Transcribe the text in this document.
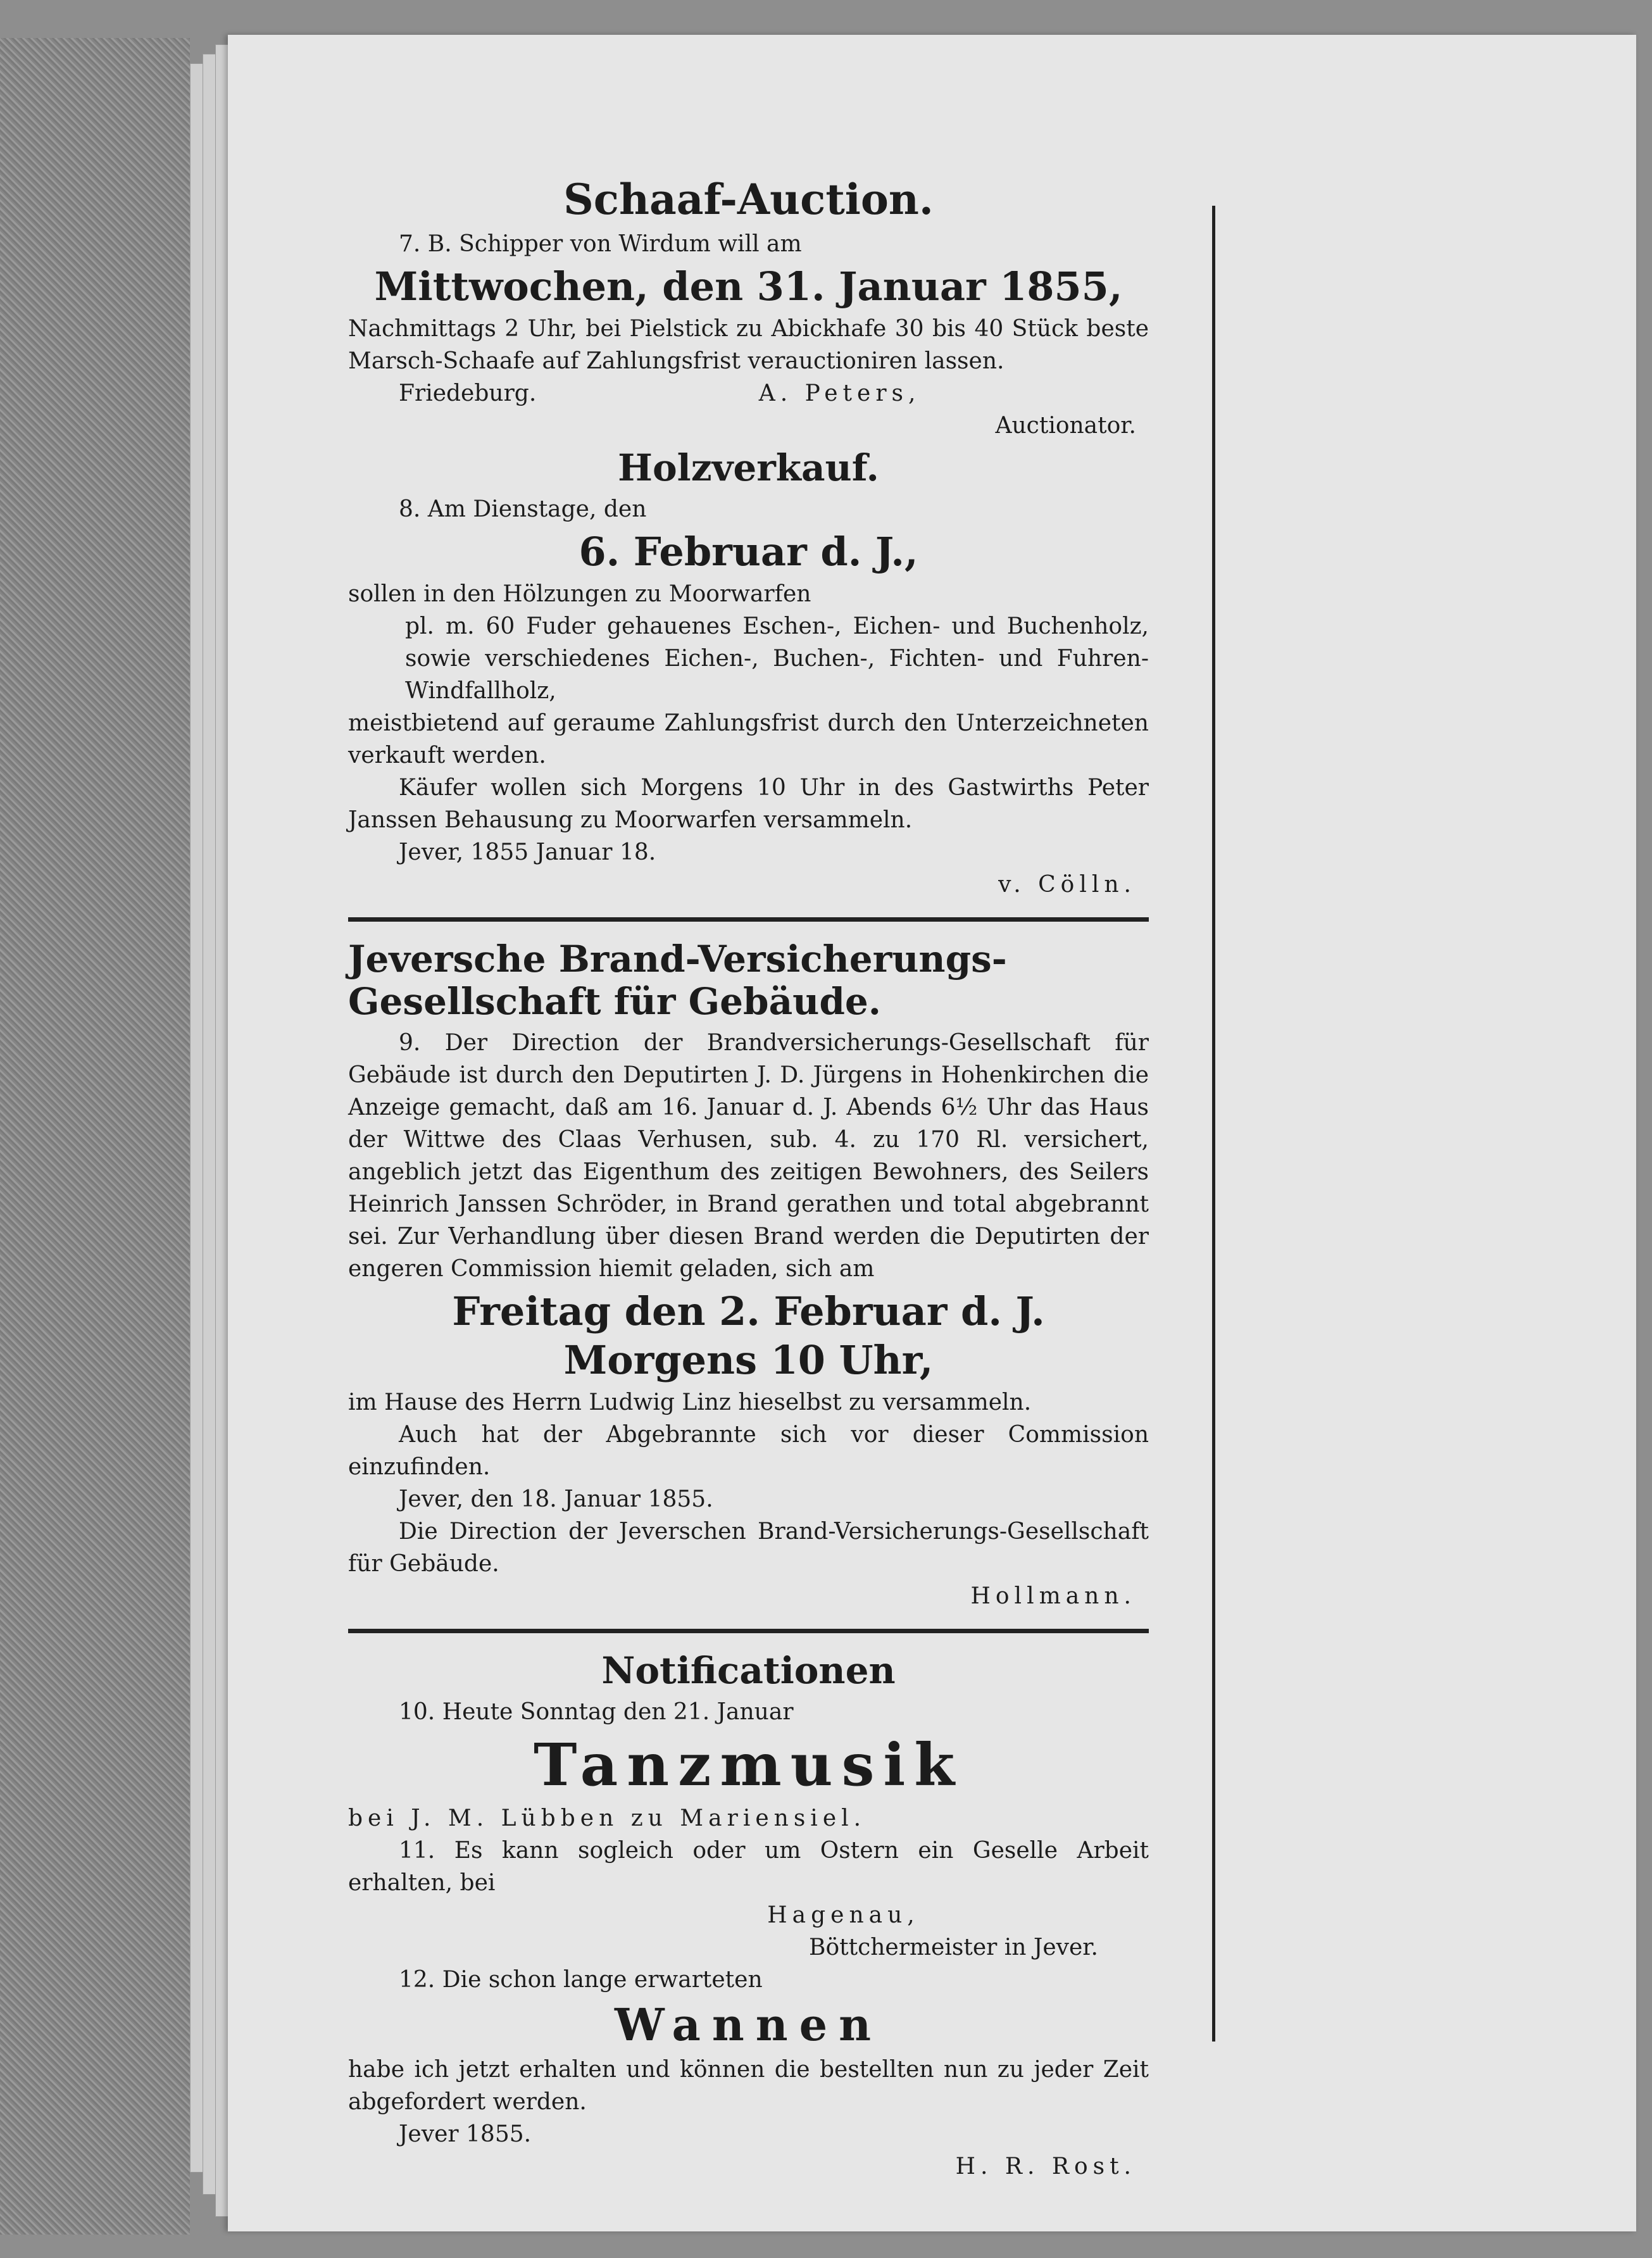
Schaaf-Auction.

7. B. Schipper von Wirdum will am

Mittwochen, den 31. Januar 1855,

Nachmittags 2 Uhr, bei Pielstick zu Abickhafe 30 bis 40 Stück beste Marsch-Schaafe auf Zahlungsfrist verauctioniren lassen.

Friedeburg.	A. Peters,

Auctionator.

Holzverkauf.

8. Am Dienstage, den

6. Februar d. J.,

sollen in den Hölzungen zu Moorwarfen

pl. m. 60 Fuder gehauenes Eschen-, Eichen- und Buchenholz, sowie verschiedenes Eichen-, Buchen-, Fichten- und Fuhren-Windfallholz,

meistbietend auf geraume Zahlungsfrist durch den Unterzeichneten verkauft werden.

Käufer wollen sich Morgens 10 Uhr in des Gastwirths Peter Janssen Behausung zu Moorwarfen versammeln.

Jever, 1855 Januar 18.

v. Cölln.

Jeversche Brand-Versicherungs-Gesellschaft für Gebäude.

9. Der Direction der Brandversicherungs-Gesellschaft für Gebäude ist durch den Deputirten J. D. Jürgens in Hohenkirchen die Anzeige gemacht, daß am 16. Januar d. J. Abends 6½ Uhr das Haus der Wittwe des Claas Verhusen, sub. 4. zu 170 Rl. versichert, angeblich jetzt das Eigenthum des zeitigen Bewohners, des Seilers Heinrich Janssen Schröder, in Brand gerathen und total abgebrannt sei. Zur Verhandlung über diesen Brand werden die Deputirten der engeren Commission hiemit geladen, sich am

Freitag den 2. Februar d. J.
Morgens 10 Uhr,

im Hause des Herrn Ludwig Linz hieselbst zu versammeln.

Auch hat der Abgebrannte sich vor dieser Commission einzufinden.

Jever, den 18. Januar 1855.

Die Direction der Jeverschen Brand-Versicherungs-Gesellschaft für Gebäude.

Hollmann.

Notificationen

10. Heute Sonntag den 21. Januar

Tanzmusik

bei J. M. Lübben zu Mariensiel.

11. Es kann sogleich oder um Ostern ein Geselle Arbeit erhalten, bei

Hagenau,

Böttchermeister in Jever.

12. Die schon lange erwarteten

Wannen

habe ich jetzt erhalten und können die bestellten nun zu jeder Zeit abgefordert werden.

Jever 1855.

H. R. Rost.
